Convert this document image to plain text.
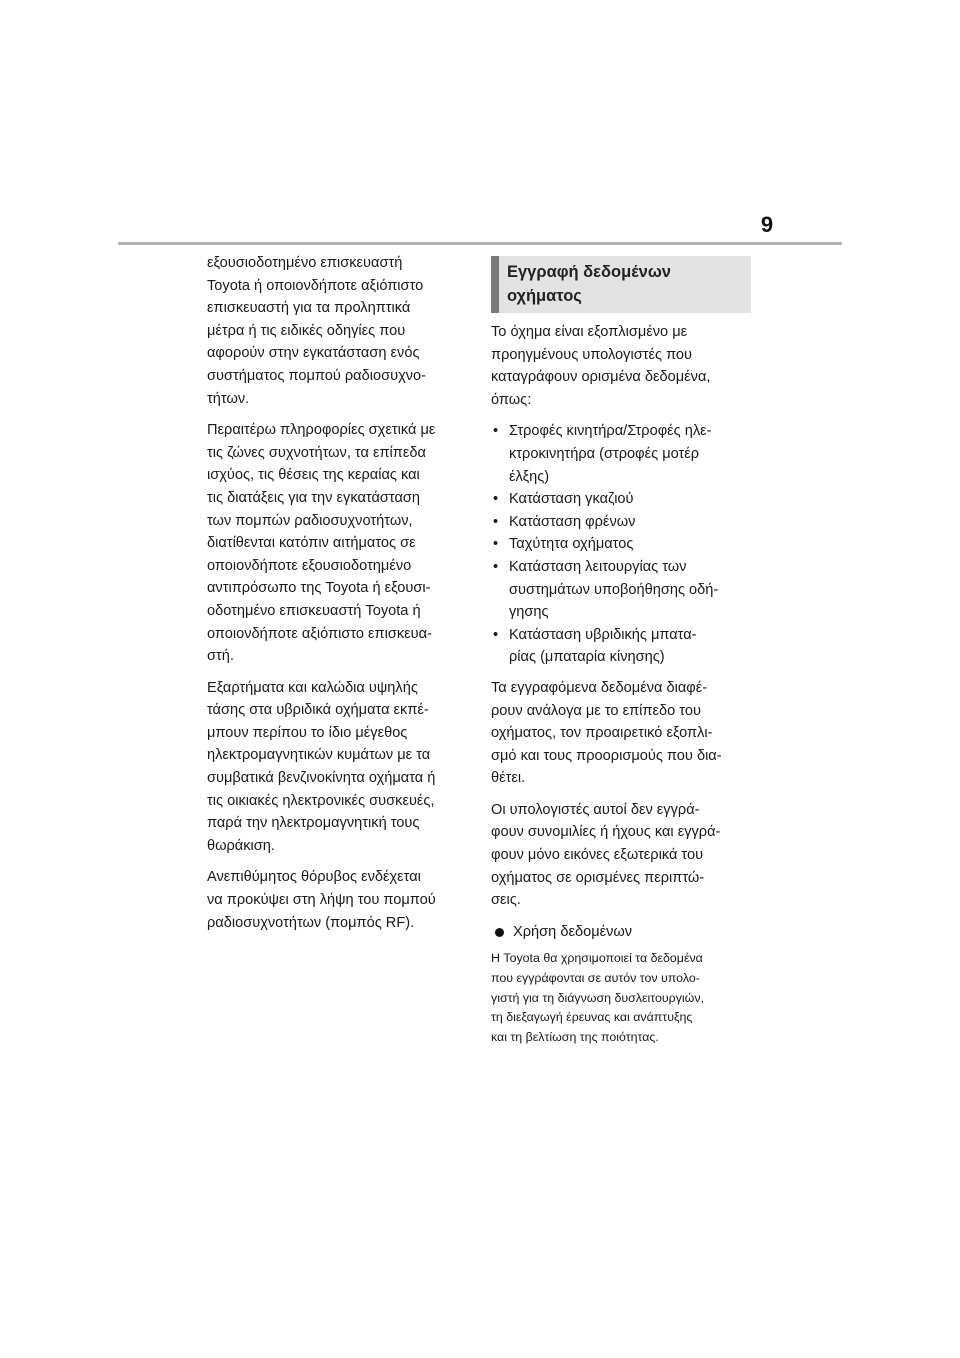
9

εξουσιοδοτημένο επισκευαστή
Toyota ή οποιονδήποτε αξιόπιστο
επισκευαστή για τα προληπτικά
μέτρα ή τις ειδικές οδηγίες που
αφορούν στην εγκατάσταση ενός
συστήματος πομπού ραδιοσυχνο-
τήτων.

Περαιτέρω πληροφορίες σχετικά με
τις ζώνες συχνοτήτων, τα επίπεδα
ισχύος, τις θέσεις της κεραίας και
τις διατάξεις για την εγκατάσταση
των πομπών ραδιοσυχνοτήτων,
διατίθενται κατόπιν αιτήματος σε
οποιονδήποτε εξουσιοδοτημένο
αντιπρόσωπο της Toyota ή εξουσι-
οδοτημένο επισκευαστή Toyota ή
οποιονδήποτε αξιόπιστο επισκευα-
στή.

Εξαρτήματα και καλώδια υψηλής
τάσης στα υβριδικά οχήματα εκπέ-
μπουν περίπου το ίδιο μέγεθος
ηλεκτρομαγνητικών κυμάτων με τα
συμβατικά βενζινοκίνητα οχήματα ή
τις οικιακές ηλεκτρονικές συσκευές,
παρά την ηλεκτρομαγνητική τους
θωράκιση.

Ανεπιθύμητος θόρυβος ενδέχεται
να προκύψει στη λήψη του πομπού
ραδιοσυχνοτήτων (πομπός RF).

Εγγραφή δεδομένων
οχήματος

Το όχημα είναι εξοπλισμένο με
προηγμένους υπολογιστές που
καταγράφουν ορισμένα δεδομένα,
όπως:

• Στροφές κινητήρα/Στροφές ηλε-
κτροκινητήρα (στροφές μοτέρ
έλξης)
• Κατάσταση γκαζιού
• Κατάσταση φρένων
• Ταχύτητα οχήματος
• Κατάσταση λειτουργίας των
συστημάτων υποβοήθησης οδή-
γησης
• Κατάσταση υβριδικής μπατα-
ρίας (μπαταρία κίνησης)

Τα εγγραφόμενα δεδομένα διαφέ-
ρουν ανάλογα με το επίπεδο του
οχήματος, τον προαιρετικό εξοπλι-
σμό και τους προορισμούς που δια-
θέτει.

Οι υπολογιστές αυτοί δεν εγγρά-
φουν συνομιλίες ή ήχους και εγγρά-
φουν μόνο εικόνες εξωτερικά του
οχήματος σε ορισμένες περιπτώ-
σεις.

Χρήση δεδομένων

Η Toyota θα χρησιμοποιεί τα δεδομένα
που εγγράφονται σε αυτόν τον υπολο-
γιστή για τη διάγνωση δυσλειτουργιών,
τη διεξαγωγή έρευνας και ανάπτυξης
και τη βελτίωση της ποιότητας.
